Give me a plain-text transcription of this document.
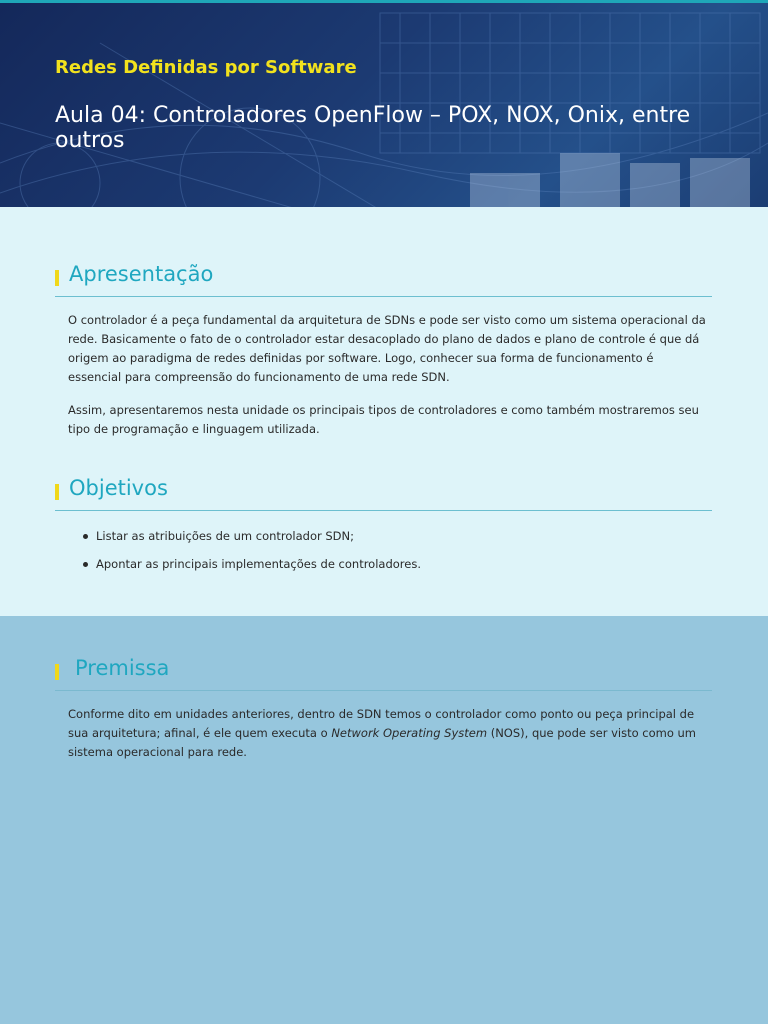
Redes Definidas por Software
Aula 04: Controladores OpenFlow – POX, NOX, Onix, entre outros
Apresentação

O controlador é a peça fundamental da arquitetura de SDNs e pode ser visto como um sistema operacional da rede. Basicamente o fato de o controlador estar desacoplado do plano de dados e plano de controle é que dá origem ao paradigma de redes definidas por software. Logo, conhecer sua forma de funcionamento é essencial para compreensão do funcionamento de uma rede SDN.

Assim, apresentaremos nesta unidade os principais tipos de controladores e como também mostraremos seu tipo de programação e linguagem utilizada.

Objetivos
Listar as atribuições de um controlador SDN;
Apontar as principais implementações de controladores.
Premissa

Conforme dito em unidades anteriores, dentro de SDN temos o controlador como ponto ou peça principal de sua arquitetura; afinal, é ele quem executa o Network Operating System (NOS), que pode ser visto como um sistema operacional para rede.
